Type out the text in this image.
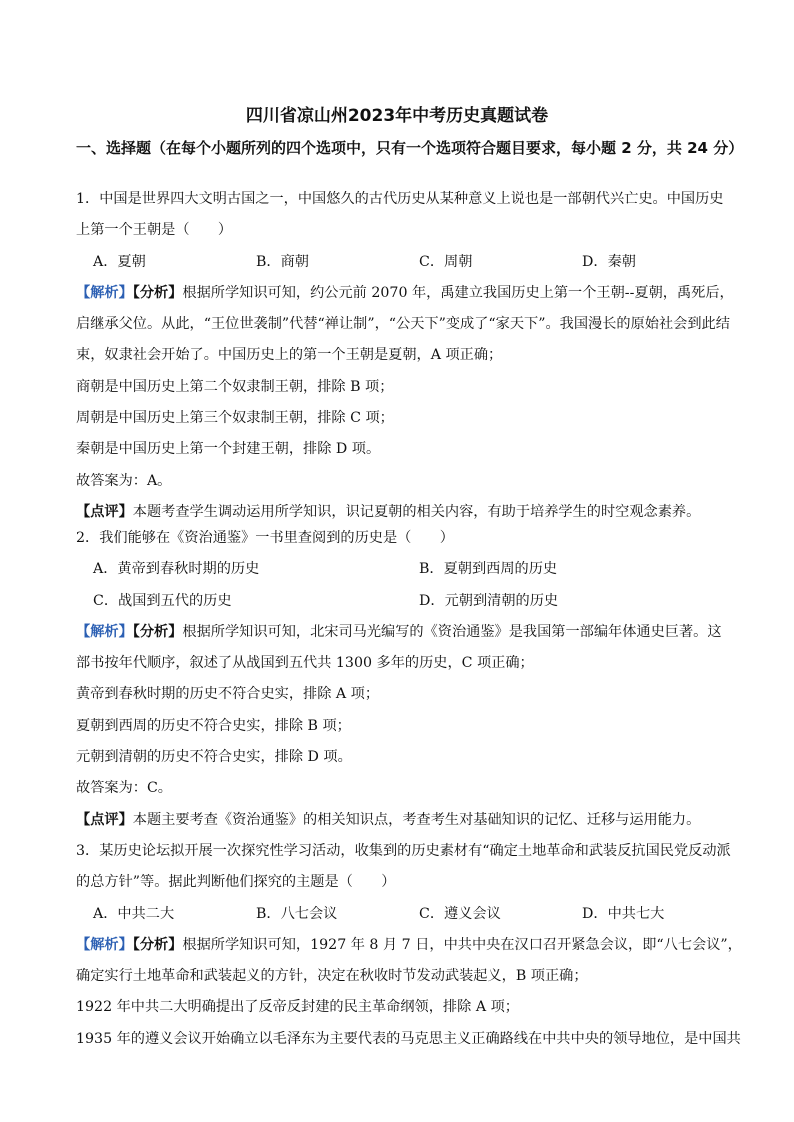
四川省凉山州2023年中考历史真题试卷
一、选择题（在每个小题所列的四个选项中，只有一个选项符合题目要求，每小题 2 分，共 24 分）
1．中国是世界四大文明古国之一，中国悠久的古代历史从某种意义上说也是一部朝代兴亡史。中国历史
上第一个王朝是（　　）
A．夏朝	B．商朝	C．周朝	D．秦朝
【解析】【分析】根据所学知识可知，约公元前 2070 年，禹建立我国历史上第一个王朝--夏朝，禹死后，
启继承父位。从此，“王位世袭制”代替“禅让制”，“公天下”变成了“家天下”。我国漫长的原始社会到此结
束，奴隶社会开始了。中国历史上的第一个王朝是夏朝，A 项正确；
商朝是中国历史上第二个奴隶制王朝，排除 B 项；
周朝是中国历史上第三个奴隶制王朝，排除 C 项；
秦朝是中国历史上第一个封建王朝，排除 D 项。
故答案为：A。
【点评】本题考查学生调动运用所学知识，识记夏朝的相关内容，有助于培养学生的时空观念素养。
2．我们能够在《资治通鉴》一书里查阅到的历史是（　　）
A．黄帝到春秋时期的历史	B．夏朝到西周的历史
C．战国到五代的历史	D．元朝到清朝的历史
【解析】【分析】根据所学知识可知，北宋司马光编写的《资治通鉴》是我国第一部编年体通史巨著。这
部书按年代顺序，叙述了从战国到五代共 1300 多年的历史，C 项正确；
黄帝到春秋时期的历史不符合史实，排除 A 项；
夏朝到西周的历史不符合史实，排除 B 项；
元朝到清朝的历史不符合史实，排除 D 项。
故答案为：C。
【点评】本题主要考查《资治通鉴》的相关知识点，考查考生对基础知识的记忆、迁移与运用能力。
3．某历史论坛拟开展一次探究性学习活动，收集到的历史素材有“确定土地革命和武装反抗国民党反动派
的总方针”等。据此判断他们探究的主题是（　　）
A．中共二大	B．八七会议	C．遵义会议	D．中共七大
【解析】【分析】根据所学知识可知，1927 年 8 月 7 日，中共中央在汉口召开紧急会议，即“八七会议”，
确定实行土地革命和武装起义的方针，决定在秋收时节发动武装起义，B 项正确；
1922 年中共二大明确提出了反帝反封建的民主革命纲领，排除 A 项；
1935 年的遵义会议开始确立以毛泽东为主要代表的马克思主义正确路线在中共中央的领导地位，是中国共
